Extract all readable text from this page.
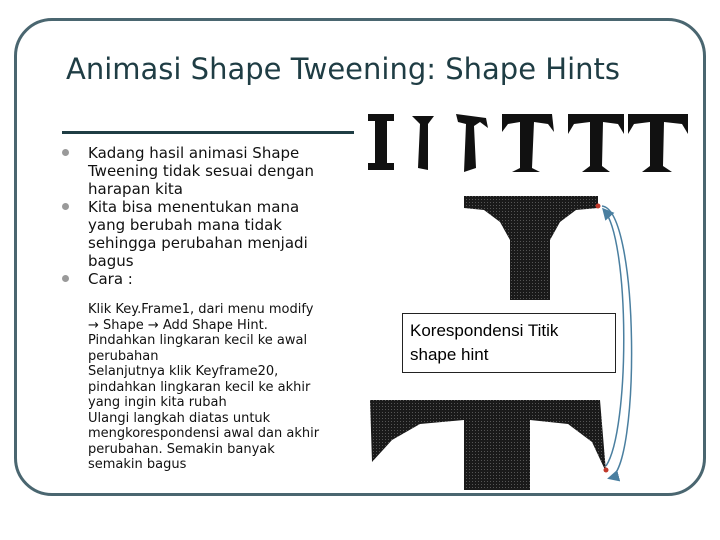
Animasi Shape Tweening: Shape Hints
Kadang hasil animasi Shape Tweening tidak sesuai dengan harapan kita
Kita bisa menentukan mana yang berubah mana tidak sehingga perubahan menjadi bagus
Cara :
Klik Key.Frame1, dari menu modify → Shape → Add Shape Hint. Pindahkan lingkaran kecil ke awal perubahan
Selanjutnya klik Keyframe20, pindahkan lingkaran kecil ke akhir yang ingin kita rubah
Ulangi langkah diatas untuk mengkorespondensi awal dan akhir perubahan. Semakin banyak semakin bagus
Korespondensi Titik shape hint
